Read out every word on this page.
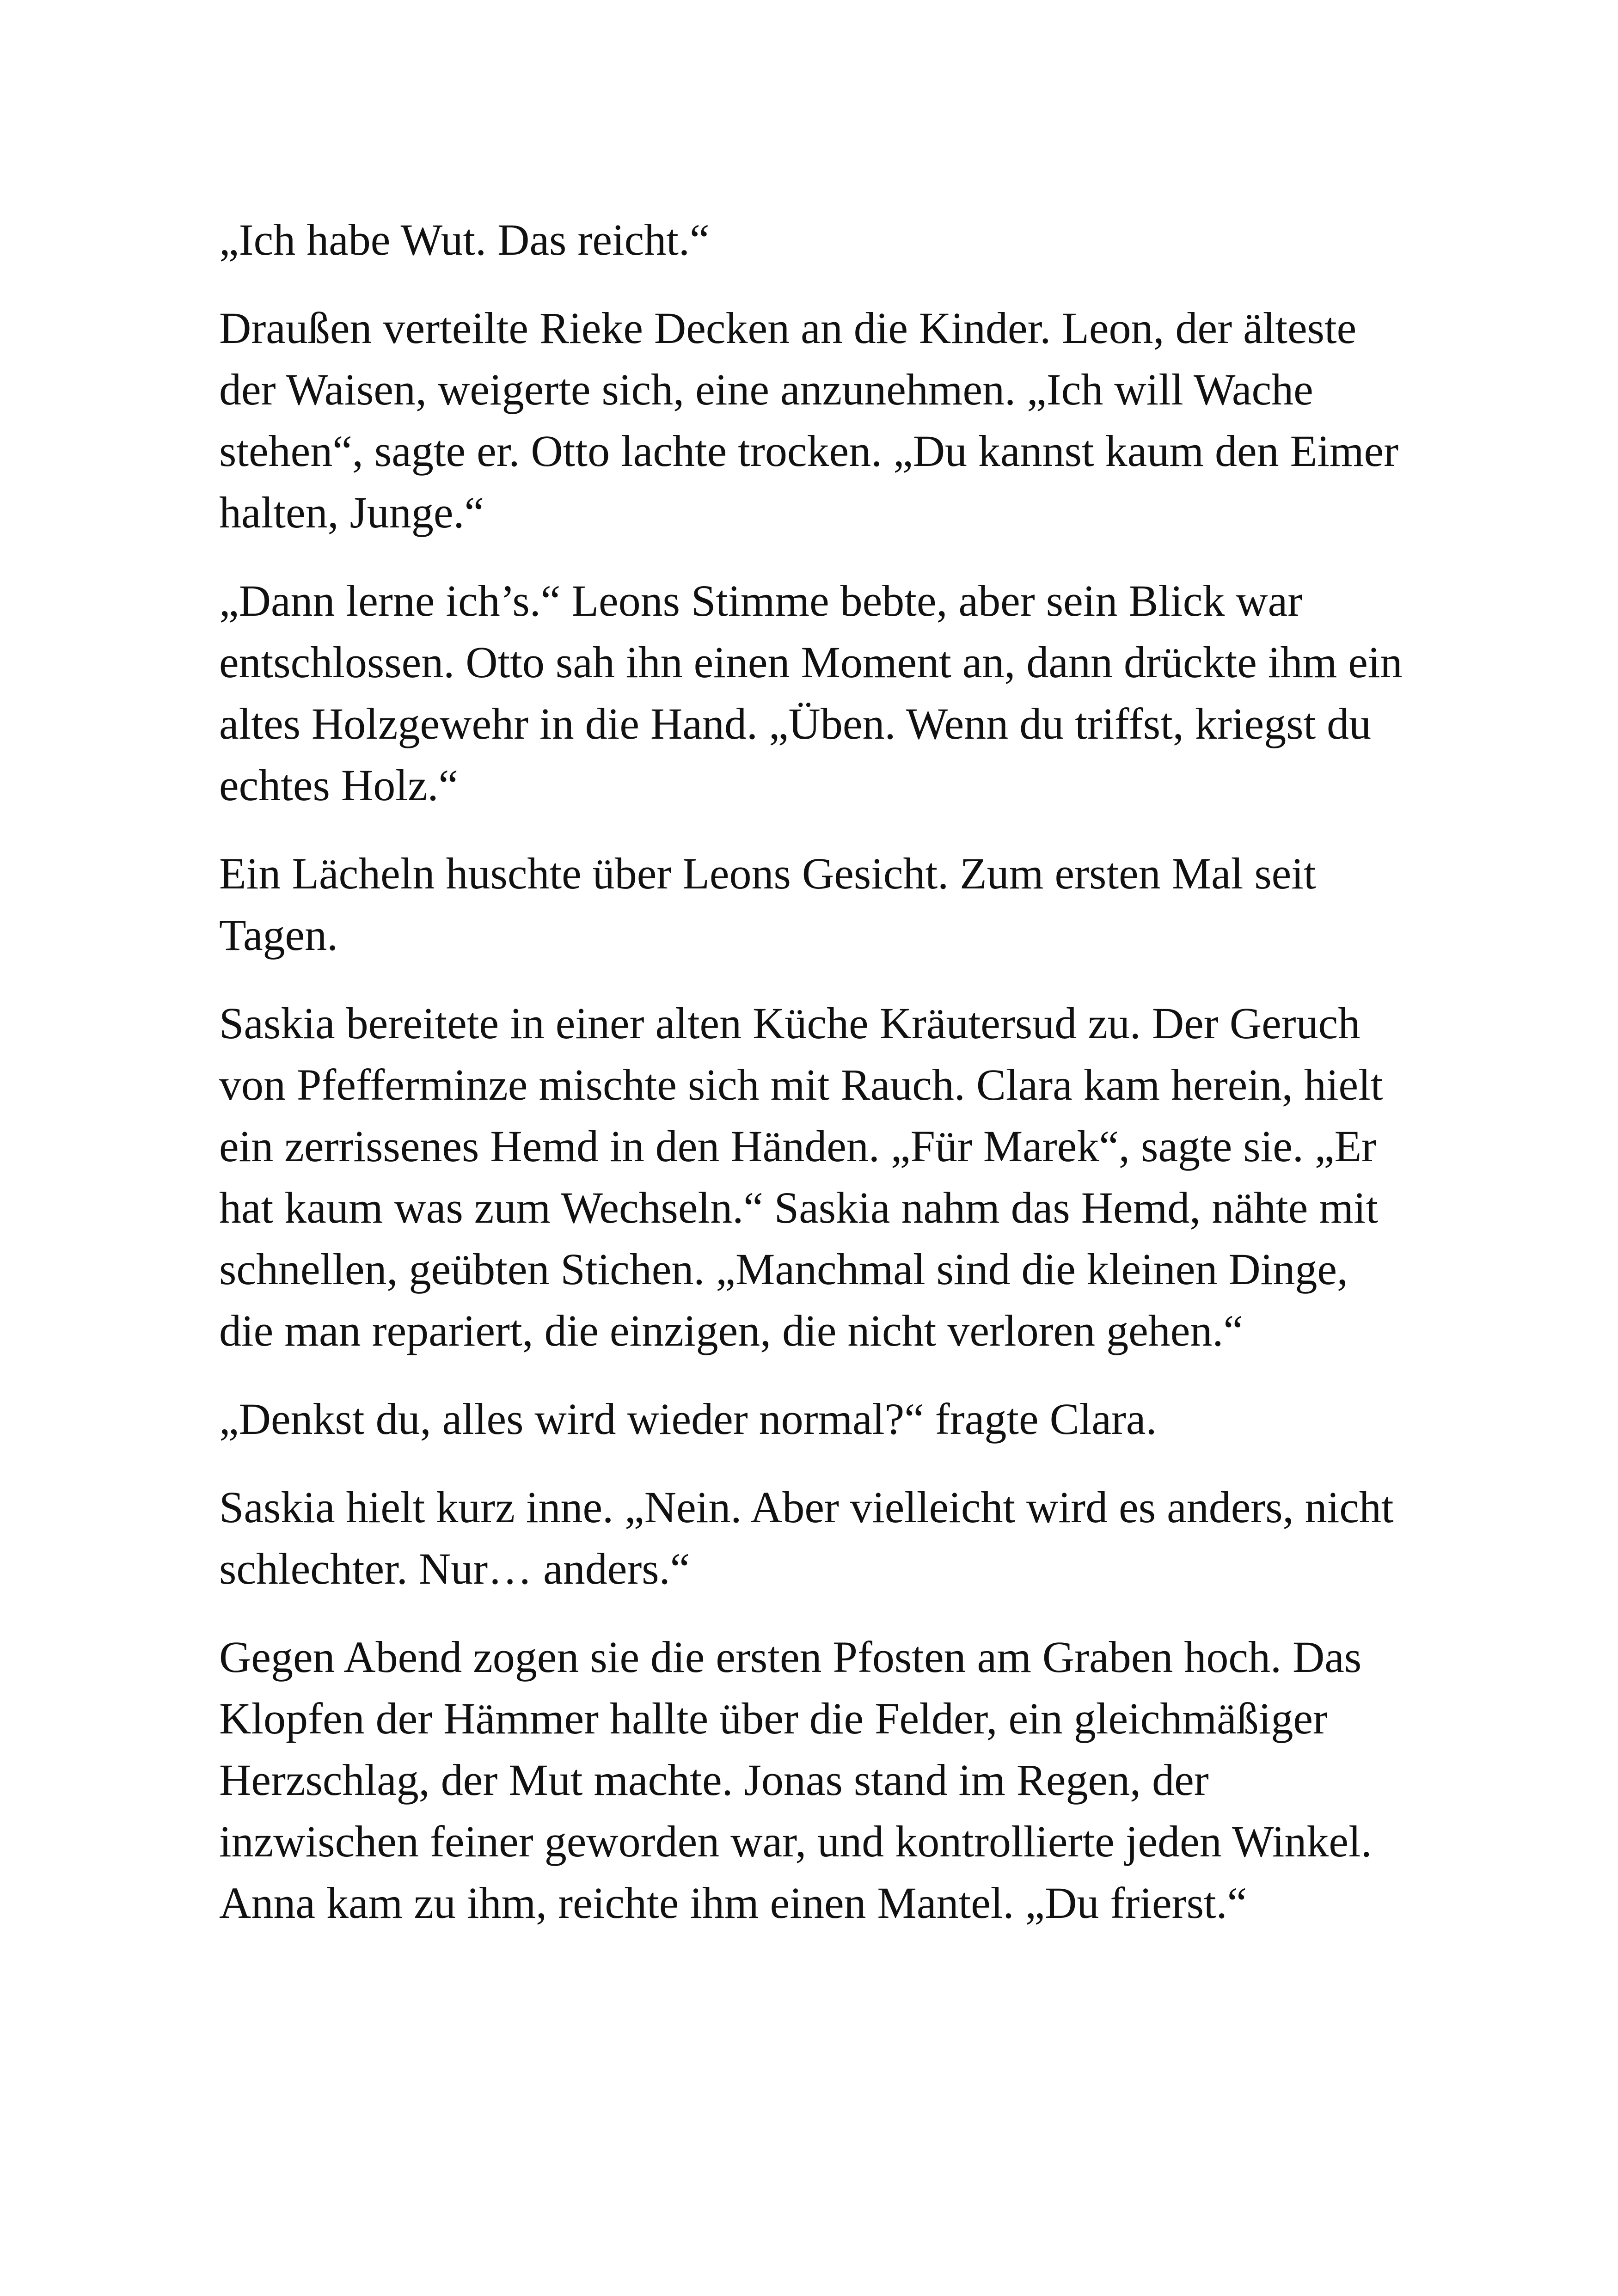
„Ich habe Wut. Das reicht.“

Draußen verteilte Rieke Decken an die Kinder. Leon, der älteste der Waisen, weigerte sich, eine anzunehmen. „Ich will Wache stehen“, sagte er. Otto lachte trocken. „Du kannst kaum den Eimer halten, Junge.“

„Dann lerne ich’s.“ Leons Stimme bebte, aber sein Blick war entschlossen. Otto sah ihn einen Moment an, dann drückte ihm ein altes Holzgewehr in die Hand. „Üben. Wenn du triffst, kriegst du echtes Holz.“

Ein Lächeln huschte über Leons Gesicht. Zum ersten Mal seit Tagen.

Saskia bereitete in einer alten Küche Kräutersud zu. Der Geruch von Pfefferminze mischte sich mit Rauch. Clara kam herein, hielt ein zerrissenes Hemd in den Händen. „Für Marek“, sagte sie. „Er hat kaum was zum Wechseln.“ Saskia nahm das Hemd, nähte mit schnellen, geübten Stichen. „Manchmal sind die kleinen Dinge, die man repariert, die einzigen, die nicht verloren gehen.“

„Denkst du, alles wird wieder normal?“ fragte Clara.

Saskia hielt kurz inne. „Nein. Aber vielleicht wird es anders, nicht schlechter. Nur… anders.“

Gegen Abend zogen sie die ersten Pfosten am Graben hoch. Das Klopfen der Hämmer hallte über die Felder, ein gleichmäßiger Herzschlag, der Mut machte. Jonas stand im Regen, der inzwischen feiner geworden war, und kontrollierte jeden Winkel. Anna kam zu ihm, reichte ihm einen Mantel. „Du frierst.“
